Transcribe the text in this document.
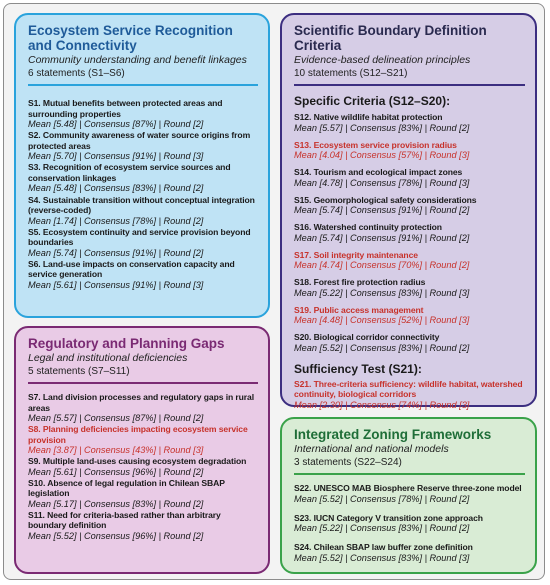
Ecosystem Service Recognition and Connectivity
Community understanding and benefit linkages
6 statements (S1–S6)
S1. Mutual benefits between protected areas and surrounding properties
Mean [5.48] | Consensus [87%] | Round [2]
S2. Community awareness of water source origins from protected areas
Mean [5.70] | Consensus [91%] | Round [3]
S3. Recognition of ecosystem service sources and conservation linkages
Mean [5.48] | Consensus [83%] | Round [2]
S4. Sustainable transition without conceptual integration (reverse-coded)
Mean [1.74] | Consensus [78%] | Round [2]
S5. Ecosystem continuity and service provision beyond boundaries
Mean [5.74] | Consensus [91%] | Round [2]
S6. Land-use impacts on conservation capacity and service generation
Mean [5.61] | Consensus [91%] | Round [3]
Scientific Boundary Definition Criteria
Evidence-based delineation principles
10 statements (S12–S21)
Specific Criteria (S12–S20):
S12. Native wildlife habitat protection
Mean [5.57] | Consensus [83%] | Round [2]
S13. Ecosystem service provision radius
Mean [4.04] | Consensus [57%] | Round [3]
S14. Tourism and ecological impact zones
Mean [4.78] | Consensus [78%] | Round [3]
S15. Geomorphological safety considerations
Mean [5.74] | Consensus [91%] | Round [2]
S16. Watershed continuity protection
Mean [5.74] | Consensus [91%] | Round [2]
S17. Soil integrity maintenance
Mean [4.74] | Consensus [70%] | Round [2]
S18. Forest fire protection radius
Mean [5.22] | Consensus [83%] | Round [3]
S19. Public access management
Mean [4.48] | Consensus [52%] | Round [3]
S20. Biological corridor connectivity
Mean [5.52] | Consensus [83%] | Round [2]
Sufficiency Test (S21):
S21. Three-criteria sufficiency: wildlife habitat, watershed continuity, biological corridors
Mean [2.30] | Consensus [74%] | Round [3]
Regulatory and Planning Gaps
Legal and institutional deficiencies
5 statements (S7–S11)
S7. Land division processes and regulatory gaps in rural areas
Mean [5.57] | Consensus [87%] | Round [2]
S8. Planning deficiencies impacting ecosystem service provision
Mean [3.87] | Consensus [43%] | Round [3]
S9. Multiple land-uses causing ecosystem degradation
Mean [5.61] | Consensus [96%] | Round [2]
S10. Absence of legal regulation in Chilean SBAP legislation
Mean [5.17] | Consensus [83%] | Round [2]
S11. Need for criteria-based rather than arbitrary boundary definition
Mean [5.52] | Consensus [96%] | Round [2]
Integrated Zoning Frameworks
International and national models
3 statements (S22–S24)
S22. UNESCO MAB Biosphere Reserve three-zone model
Mean [5.52] | Consensus [78%] | Round [2]
S23. IUCN Category V transition zone approach
Mean [5.22] | Consensus [83%] | Round [2]
S24. Chilean SBAP law buffer zone definition
Mean [5.52] | Consensus [83%] | Round [3]
